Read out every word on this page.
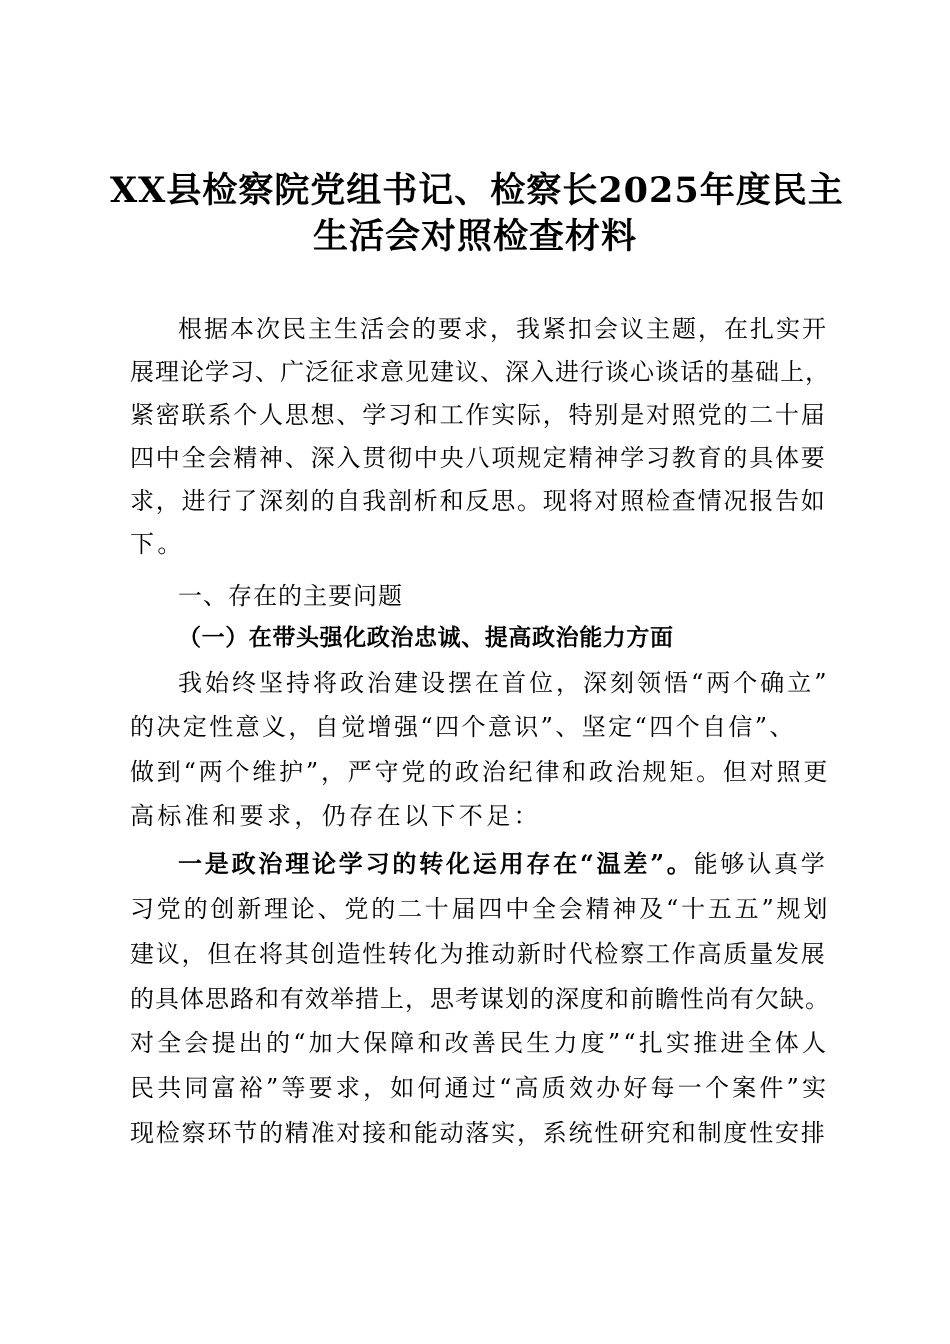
XX县检察院党组书记、检察长2025年度民主
生活会对照检查材料
根据本次民主生活会的要求，我紧扣会议主题，在扎实开
展理论学习、广泛征求意见建议、深入进行谈心谈话的基础上，
紧密联系个人思想、学习和工作实际，特别是对照党的二十届
四中全会精神、深入贯彻中央八项规定精神学习教育的具体要
求，进行了深刻的自我剖析和反思。现将对照检查情况报告如
下。
一、存在的主要问题
（一）在带头强化政治忠诚、提高政治能力方面
我始终坚持将政治建设摆在首位，深刻领悟“两个确立”
的决定性意义，自觉增强“四个意识”、坚定“四个自信”、
做到“两个维护”，严守党的政治纪律和政治规矩。但对照更
高标准和要求，仍存在以下不足：
一是政治理论学习的转化运用存在“温差”。能够认真学
习党的创新理论、党的二十届四中全会精神及“十五五”规划
建议，但在将其创造性转化为推动新时代检察工作高质量发展
的具体思路和有效举措上，思考谋划的深度和前瞻性尚有欠缺。
对全会提出的“加大保障和改善民生力度”“扎实推进全体人
民共同富裕”等要求，如何通过“高质效办好每一个案件”实
现检察环节的精准对接和能动落实，系统性研究和制度性安排
